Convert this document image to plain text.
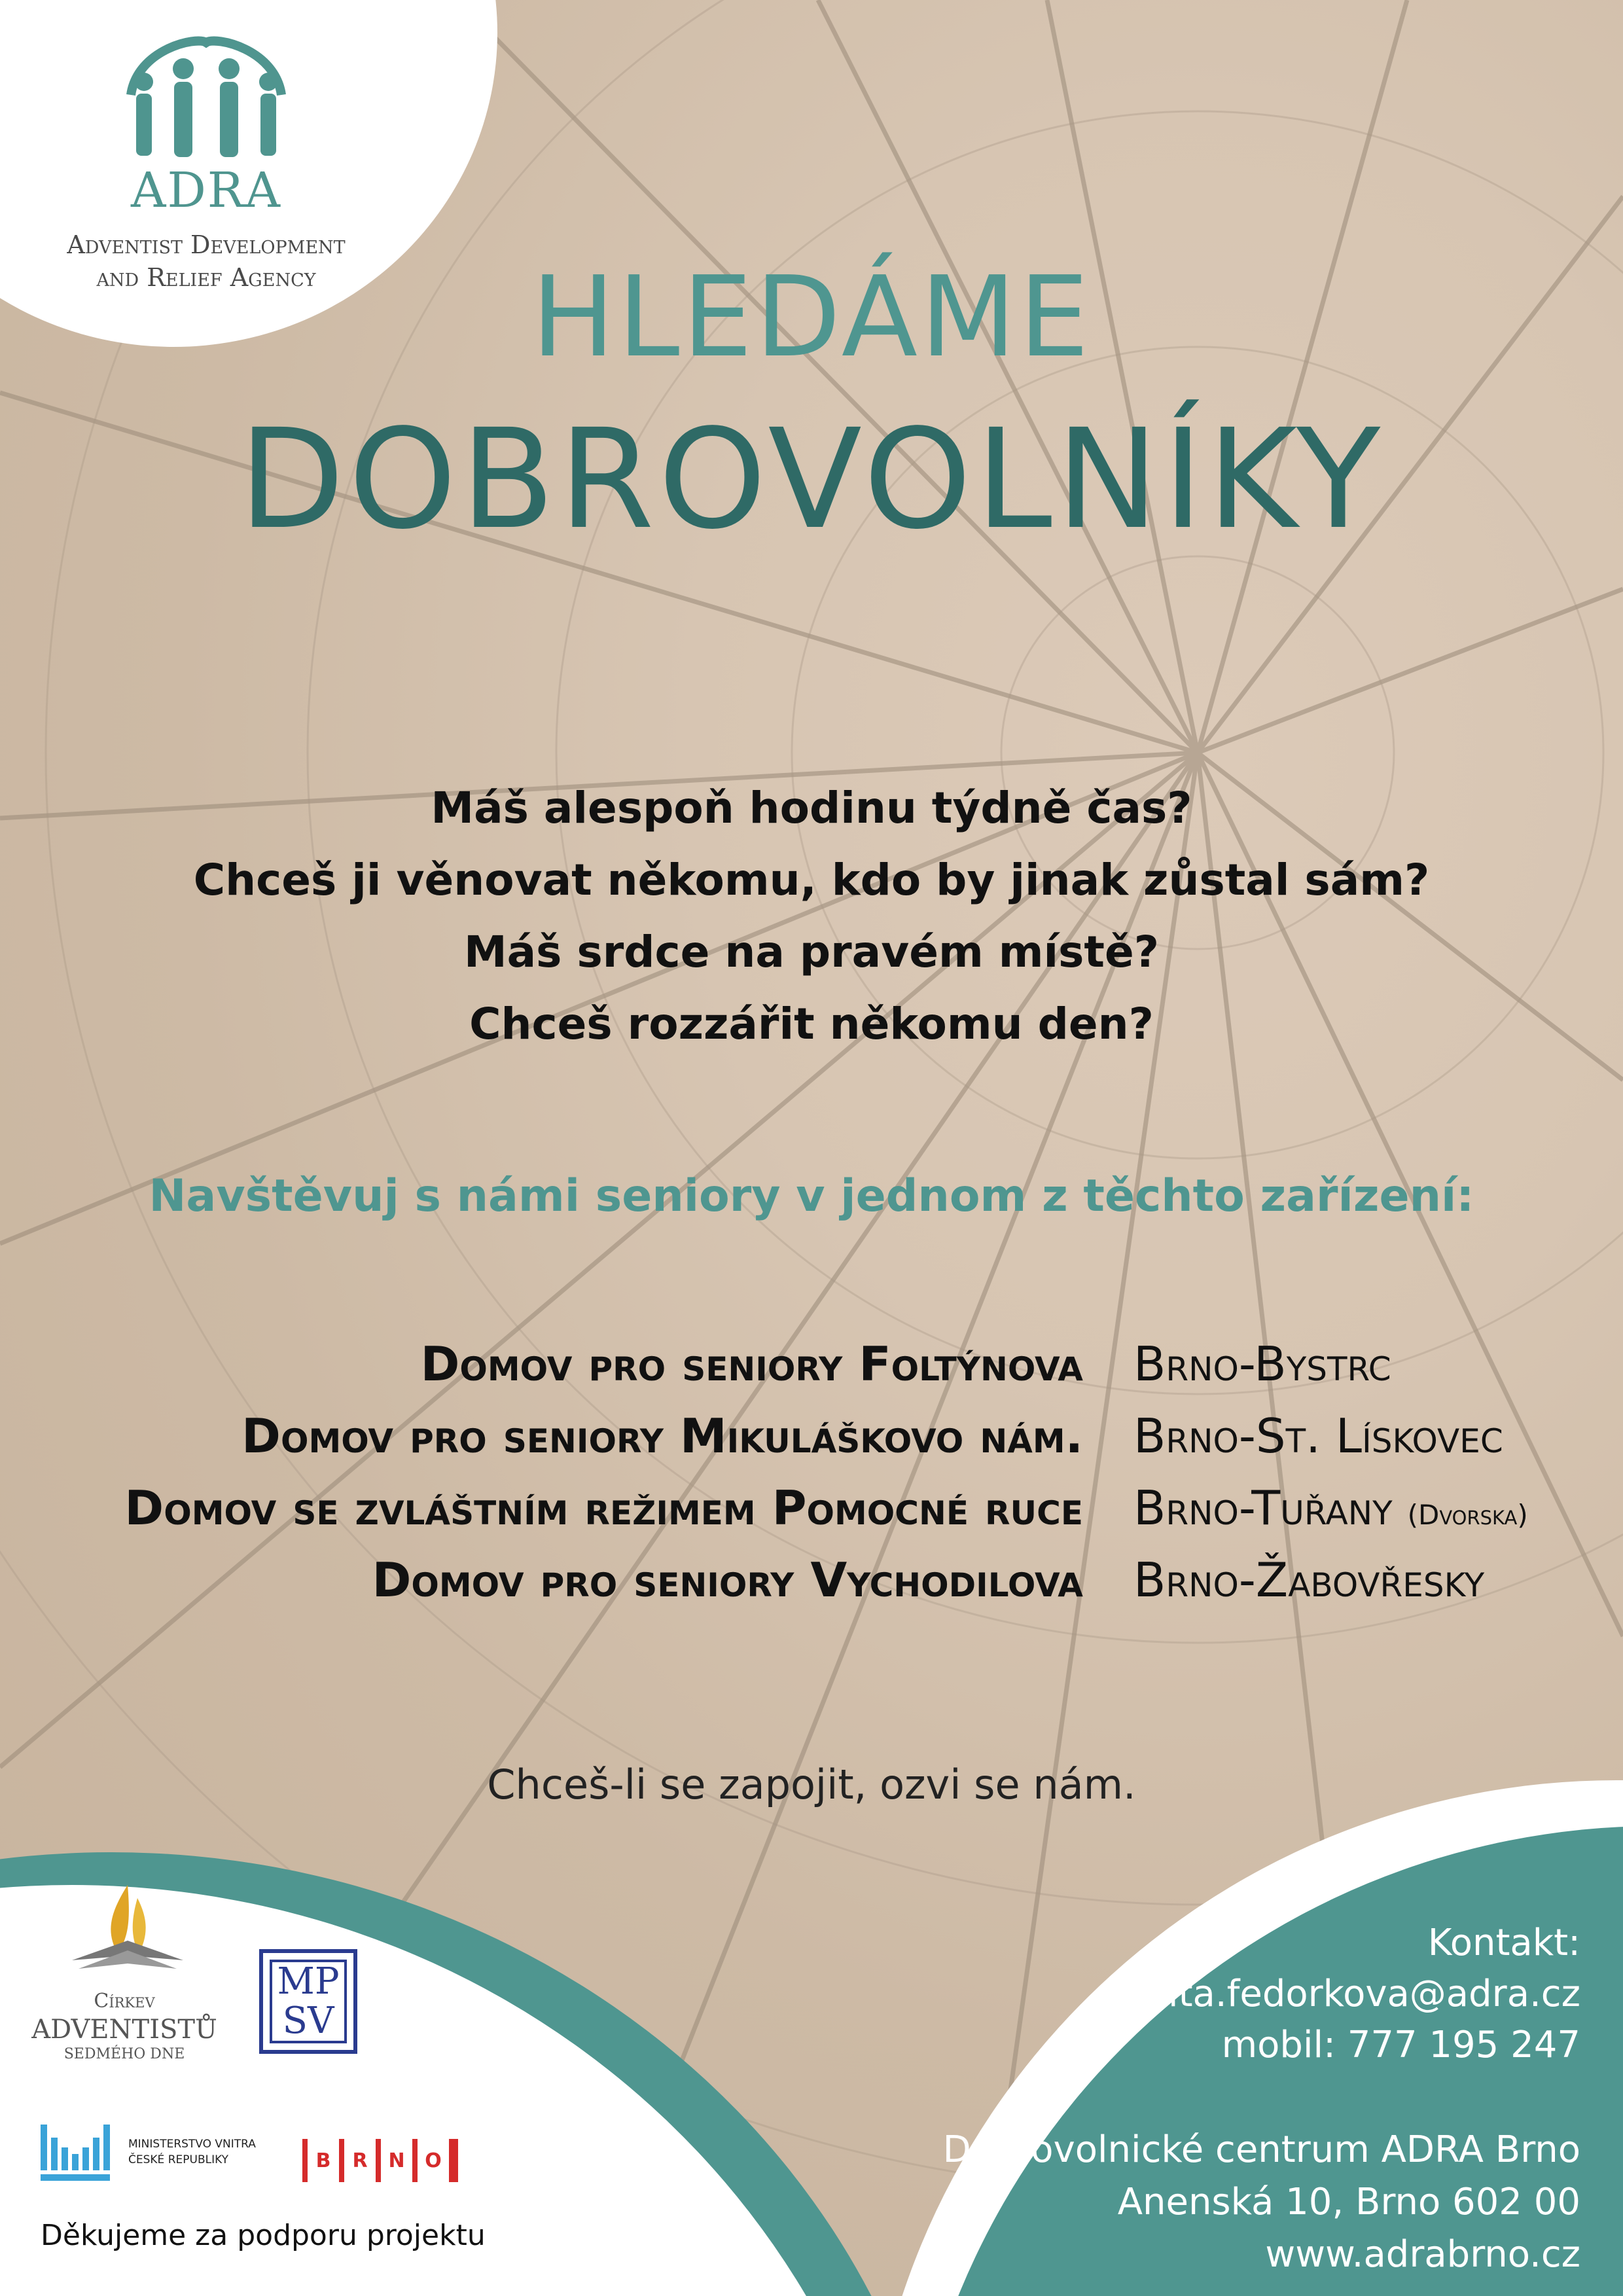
ADRA
Adventist Development
and Relief Agency	HLEDÁME
DOBROVOLNÍKY
Máš alespoň hodinu týdně čas?
Chceš ji věnovat někomu, kdo by jinak zůstal sám?
Máš srdce na pravém místě?
Chceš rozzářit někomu den?
Navštěvuj s námi seniory v jednom z těchto zařízení:
Domov pro seniory Foltýnova Brno-Bystrc
Domov pro seniory Mikuláškovo nám. Brno-St. Lískovec
Domov se zvláštním režimem Pomocné ruce Brno-Tuřany (Dvorska)
Domov pro seniory Vychodilova Brno-Žabovřesky
Chceš-li se zapojit, ozvi se nám.
Kontakt:
edita.fedorkova@adra.cz
mobil: 777 195 247
Dobrovolnické centrum ADRA Brno
Anenská 10, Brno 602 00
www.adrabrno.cz
Církev
ADVENTISTŮ
SEDMÉHO DNE
MP
SV
MINISTERSTVO VNITRA
ČESKÉ REPUBLIKY	B	R	N	O
Děkujeme za podporu projektu
